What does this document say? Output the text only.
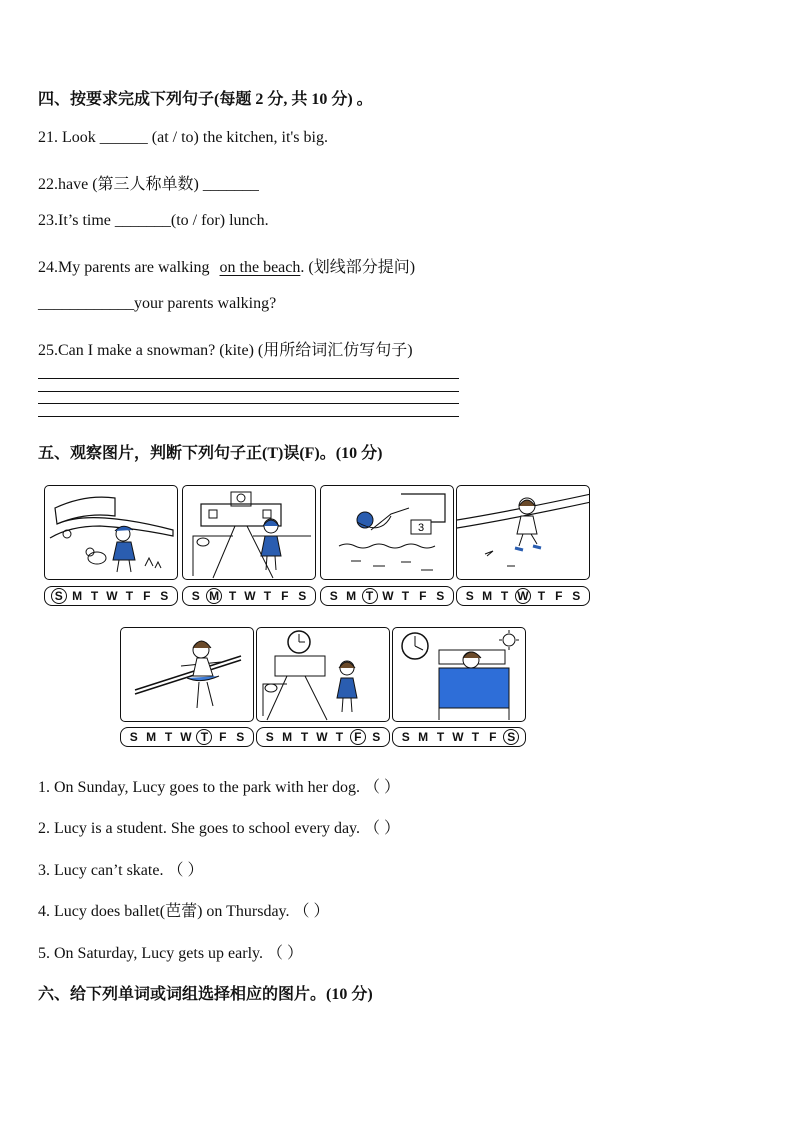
四、按要求完成下列句子(每题 2 分, 共 10 分) 。
21. Look ______ (at / to) the kitchen, it's big.
22.have (第三人称单数) _______
23.It’s time _______(to / for) lunch.
24.My parents are walking on the beach. (划线部分提问)
____________your parents walking?
25.Can I make a snowman? (kite) (用所给词汇仿写句子)
五、观察图片，判断下列句子正(T)误(F)。(10 分)
3
S M T W T F S S M T W T F S S M T W T F S S M T W T F S
S M T W T F S S M T W T F S S M T W T F S
1. On Sunday, Lucy goes to the park with her dog. （ ）
2. Lucy is a student. She goes to school every day. （ ）
3. Lucy can’t skate. （ ）
4. Lucy does ballet(芭蕾) on Thursday. （ ）
5. On Saturday, Lucy gets up early. （ ）
六、给下列单词或词组选择相应的图片。(10 分)
